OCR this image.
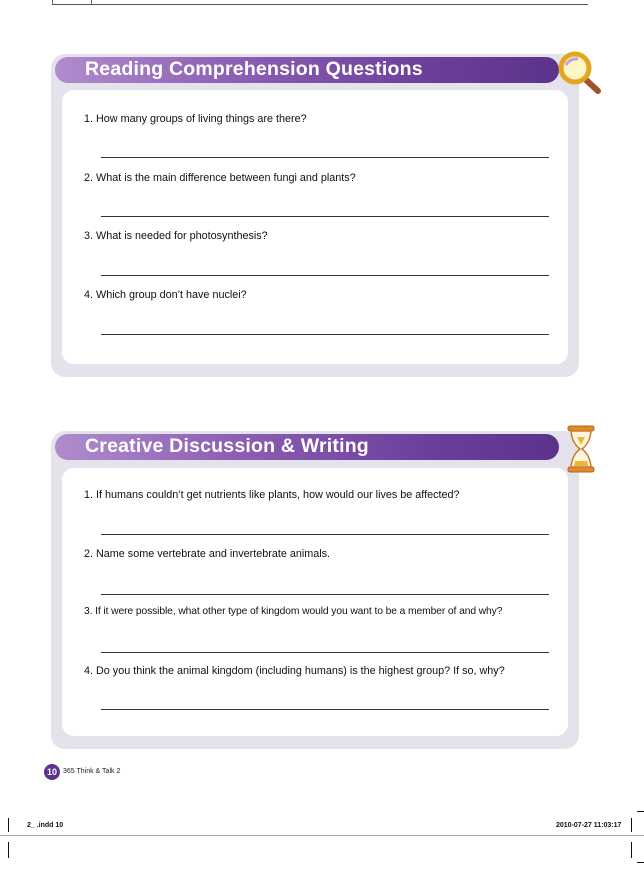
Reading Comprehension Questions
1. How many groups of living things are there?
2. What is the main difference between fungi and plants?
3. What is needed for photosynthesis?
4. Which group don’t have nuclei?
Creative Discussion & Writing
1. If humans couldn’t get nutrients like plants, how would our lives be affected?
2. Name some vertebrate and invertebrate animals.
3. If it were possible, what other type of kingdom would you want to be a member of and why?
4. Do you think the animal kingdom (including humans) is the highest group? If so, why?
10 365 Think & Talk 2
2_ .indd 10	2010-07-27 11:03:17
